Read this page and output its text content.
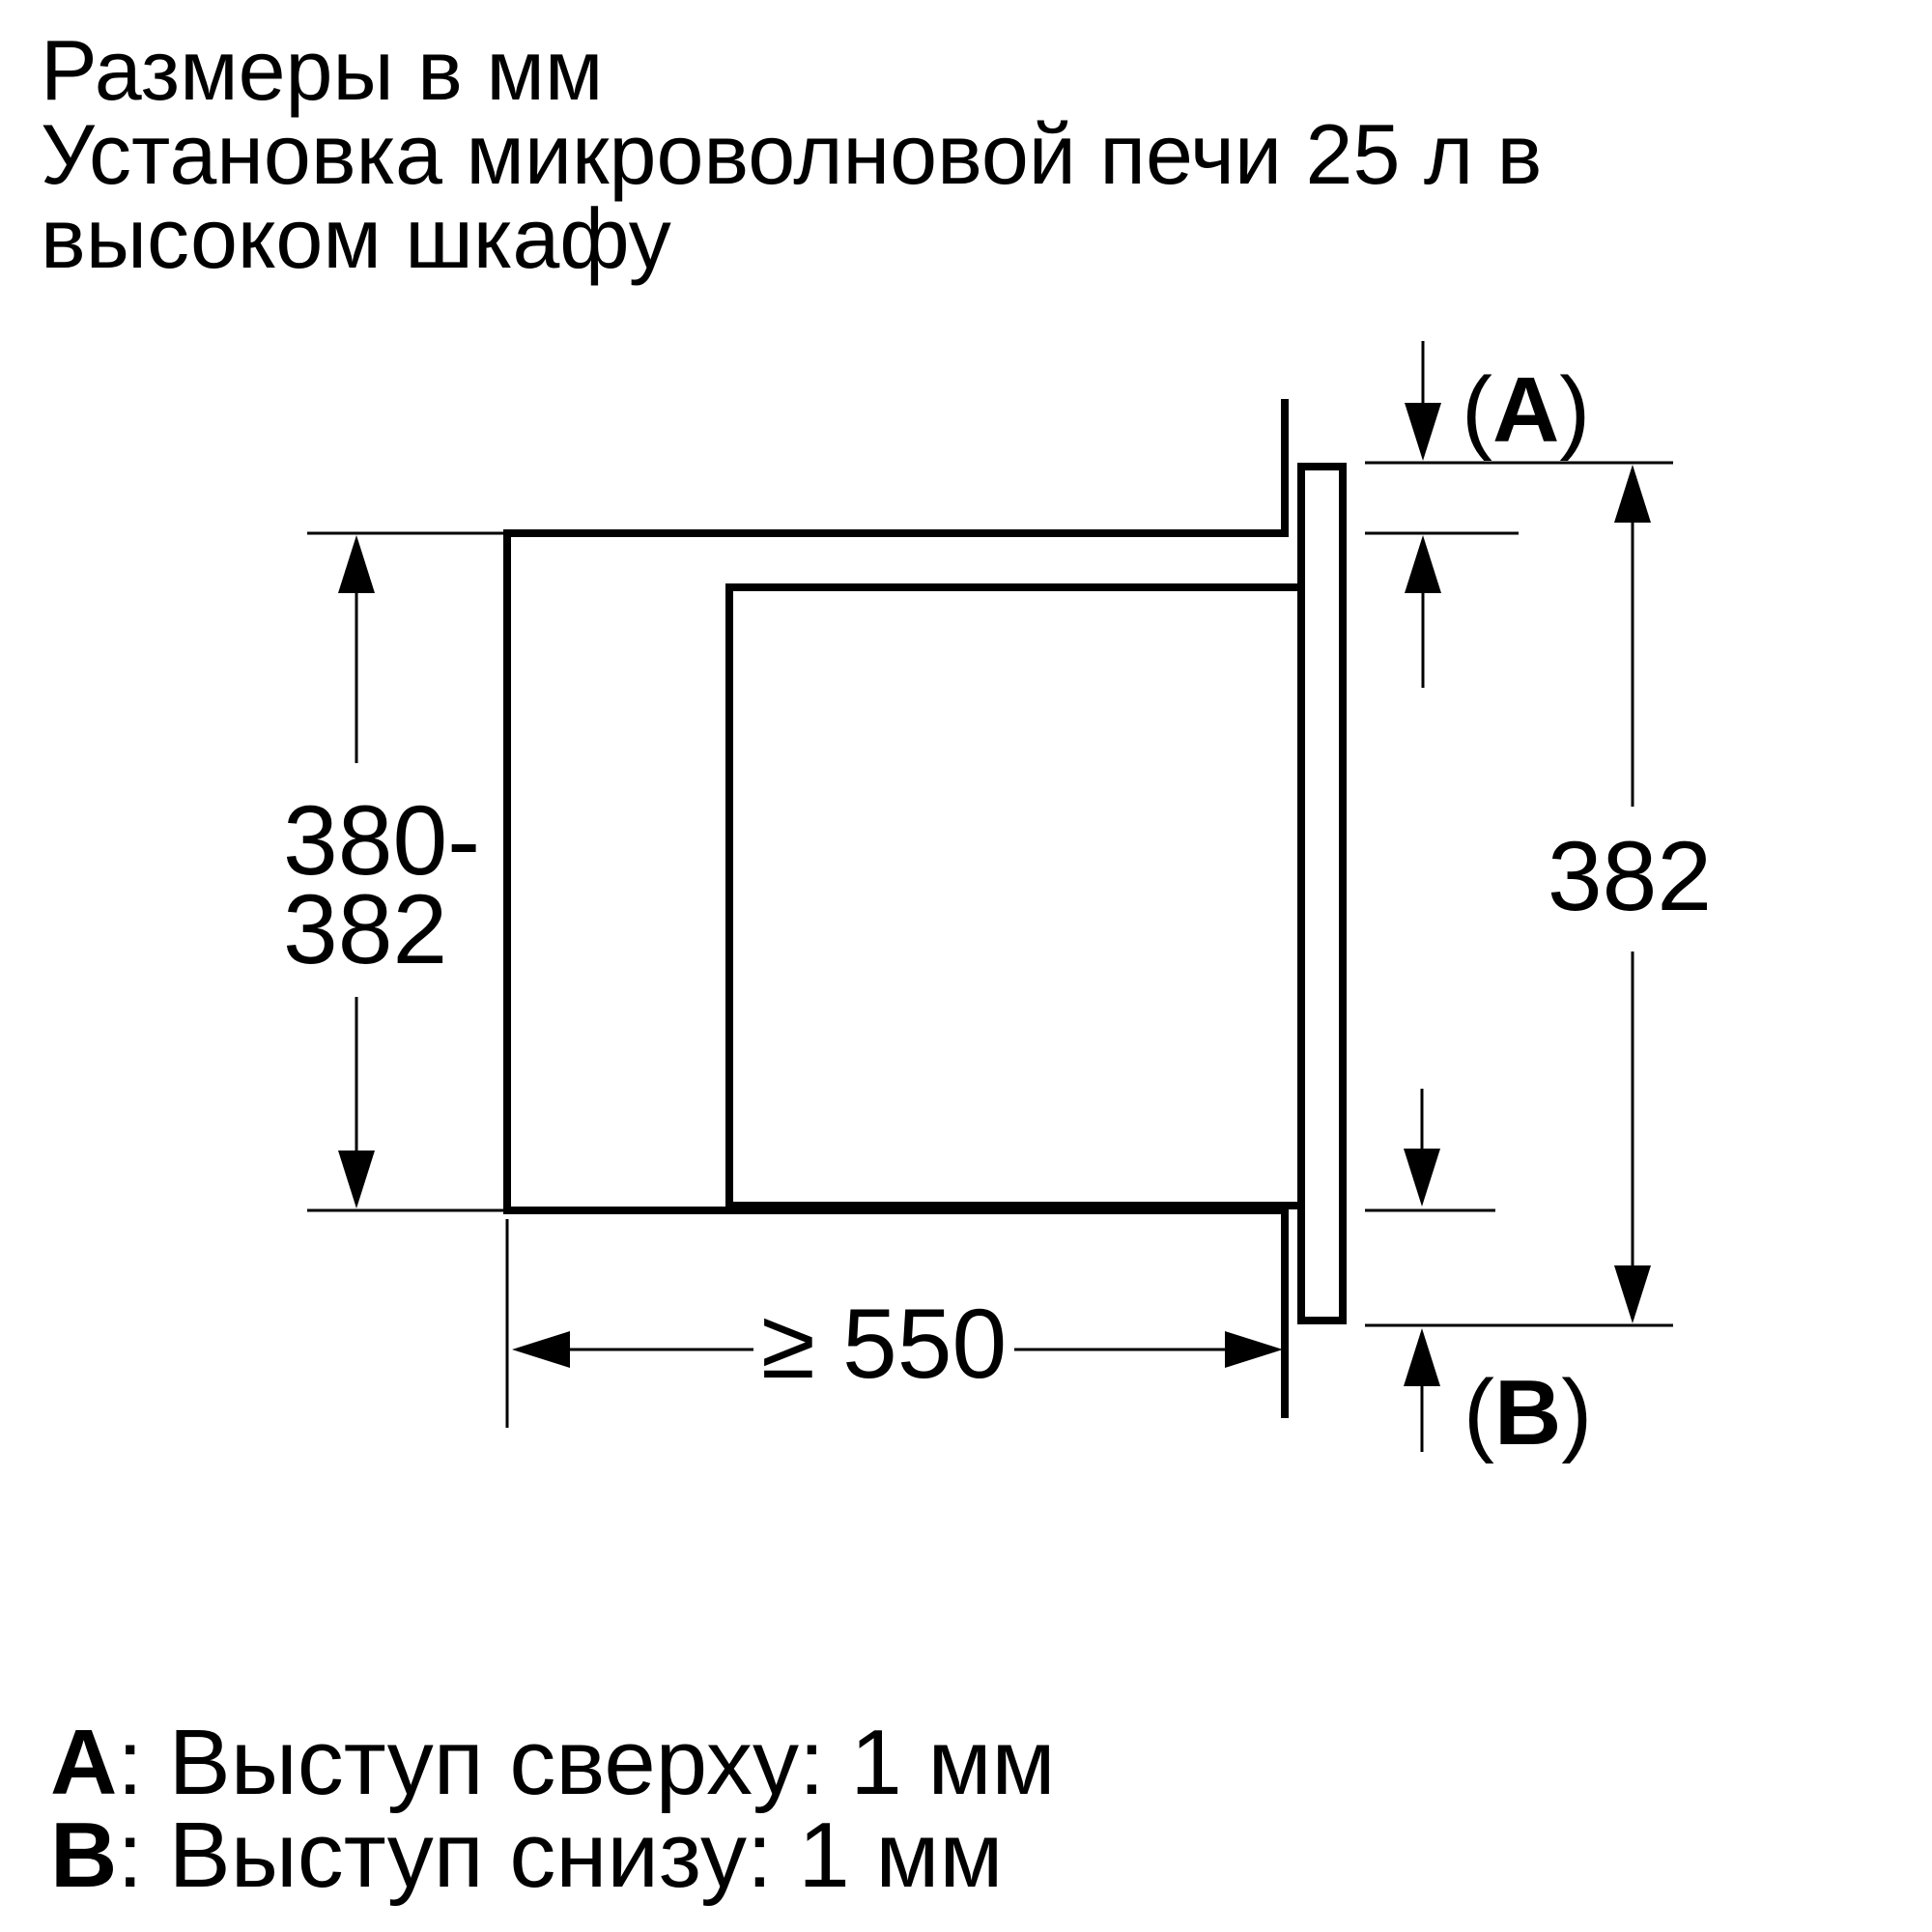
Размеры в мм
Установка микроволновой печи 25 л в
высоком шкафу
380-
382
≥ 550
382
(A)
(B)
A: Выступ сверху: 1 мм
B: Выступ снизу: 1 мм
